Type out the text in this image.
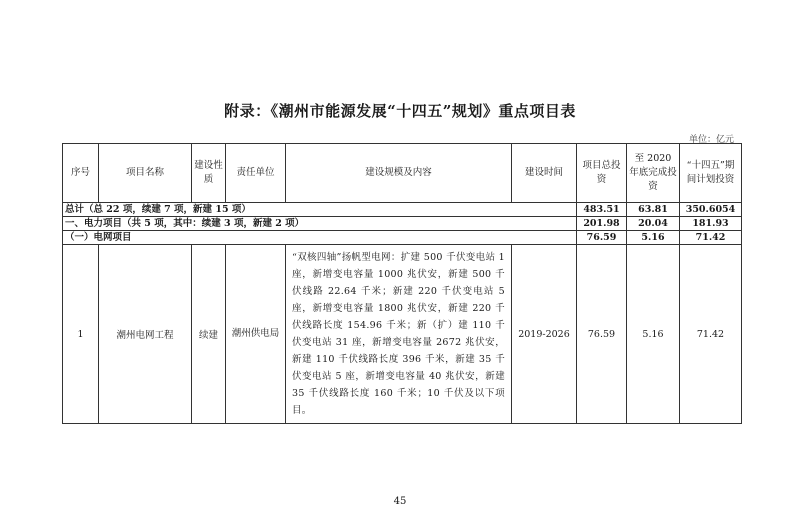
附录：《潮州市能源发展“十四五”规划》重点项目表
单位：亿元
序号	项目名称	建设性质	责任单位	建设规模及内容	建设时间	项目总投资	至 2020 年底完成投资	“十四五”期间计划投资
总计（总 22 项，续建 7 项，新建 15 项）						483.51	63.81	350.6054
一、电力项目（共 5 项，其中：续建 3 项，新建 2 项）						201.98	20.04	181.93
（一）电网项目						76.59	5.16	71.42
1	潮州电网工程	续建	潮州供电局	“双核四轴”扬帆型电网：扩建 500 千伏变电站 1 座，新增变电容量 1000 兆伏安，新建 500 千伏线路 22.64 千米；新建 220 千伏变电站 5 座，新增变电容量 1800 兆伏安，新建 220 千伏线路长度 154.96 千米；新（扩）建 110 千伏变电站 31 座，新增变电容量 2672 兆伏安，新建 110 千伏线路长度 396 千米，新建 35 千伏变电站 5 座，新增变电容量 40 兆伏安，新建 35 千伏线路长度 160 千米；10 千伏及以下项目。	2019-2026	76.59	5.16	71.42
45
